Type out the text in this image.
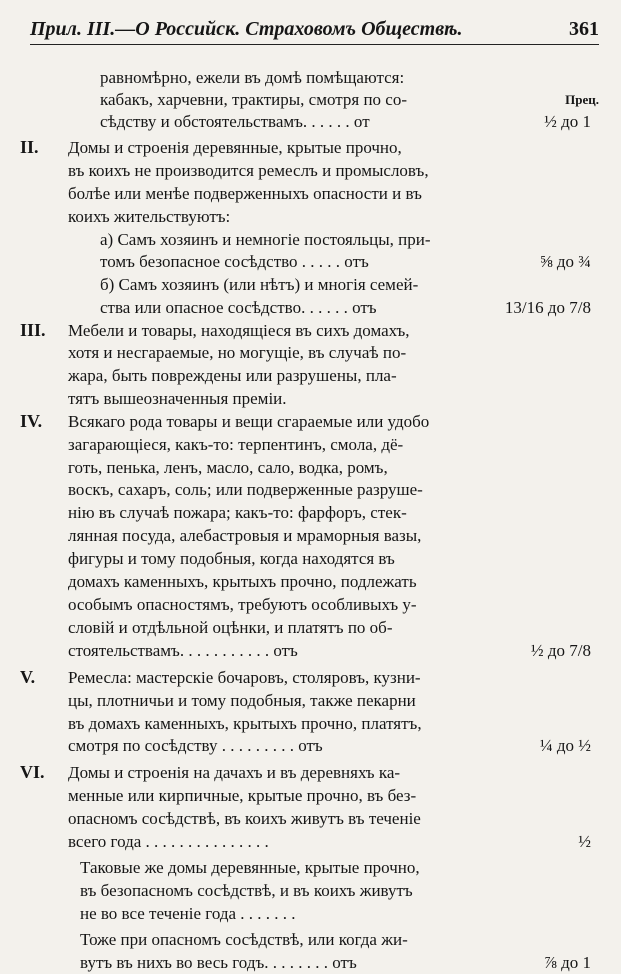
Прил. III.—О Российск. Страховомъ Обществѣ.	361
равномѣрно, ежели въ домѣ помѣщаются:
кабакъ, харчевни, трактиры, смотря по со-	Прец.
сѣдству и обстоятельствамъ. . . . . . от	½ до 1
II. Домы и строенія деревянные, крытые прочно,
въ коихъ не производится ремеслъ и промысловъ,
болѣе или менѣе подверженныхъ опасности и въ
коихъ жительствуютъ:
а) Самъ хозяинъ и немногіе постояльцы, при-
томъ безопасное сосѣдство . . . . . отъ	⅝ до ¾
б) Самъ хозяинъ (или нѣтъ) и многія семей-
ства или опасное сосѣдство. . . . . . отъ	13/16 до 7/8
III. Мебели и товары, находящіеся въ сихъ домахъ,
хотя и несгараемые, но могущіе, въ случаѣ по-
жара, быть повреждены или разрушены, пла-
тятъ вышеозначенныя преміи.
IV. Всякаго рода товары и вещи сгараемые или удобо
загарающіеся, какъ-то: терпентинъ, смола, дё-
готь, пенька, ленъ, масло, сало, водка, ромъ,
воскъ, сахаръ, соль; или подверженные разруше-
нію въ случаѣ пожара; какъ-то: фарфоръ, стек-
лянная посуда, алебастровыя и мраморныя вазы,
фигуры и тому подобныя, когда находятся въ
домахъ каменныхъ, крытыхъ прочно, подлежать
особымъ опасностямъ, требуютъ особливыхъ у-
словій и отдѣльной оцѣнки, и платятъ по об-
стоятельствамъ. . . . . . . . . . . отъ	½ до 7/8
V. Ремесла: мастерскіе бочаровъ, столяровъ, кузни-
цы, плотничьи и тому подобныя, также пекарни
въ домахъ каменныхъ, крытыхъ прочно, платятъ,
смотря по сосѣдству . . . . . . . . . отъ	¼ до ½
VI. Домы и строенія на дачахъ и въ деревняхъ ка-
менные или кирпичные, крытые прочно, въ без-
опасномъ сосѣдствѣ, въ коихъ живутъ въ теченіе
всего года . . . . . . . . . . . . . . .	½
Таковые же домы деревянные, крытые прочно,
въ безопасномъ сосѣдствѣ, и въ коихъ живутъ
не во все теченіе года . . . . . . .
Тоже при опасномъ сосѣдствѣ, или когда жи-
вутъ въ нихъ во весь годъ. . . . . . . . отъ	⅞ до 1
